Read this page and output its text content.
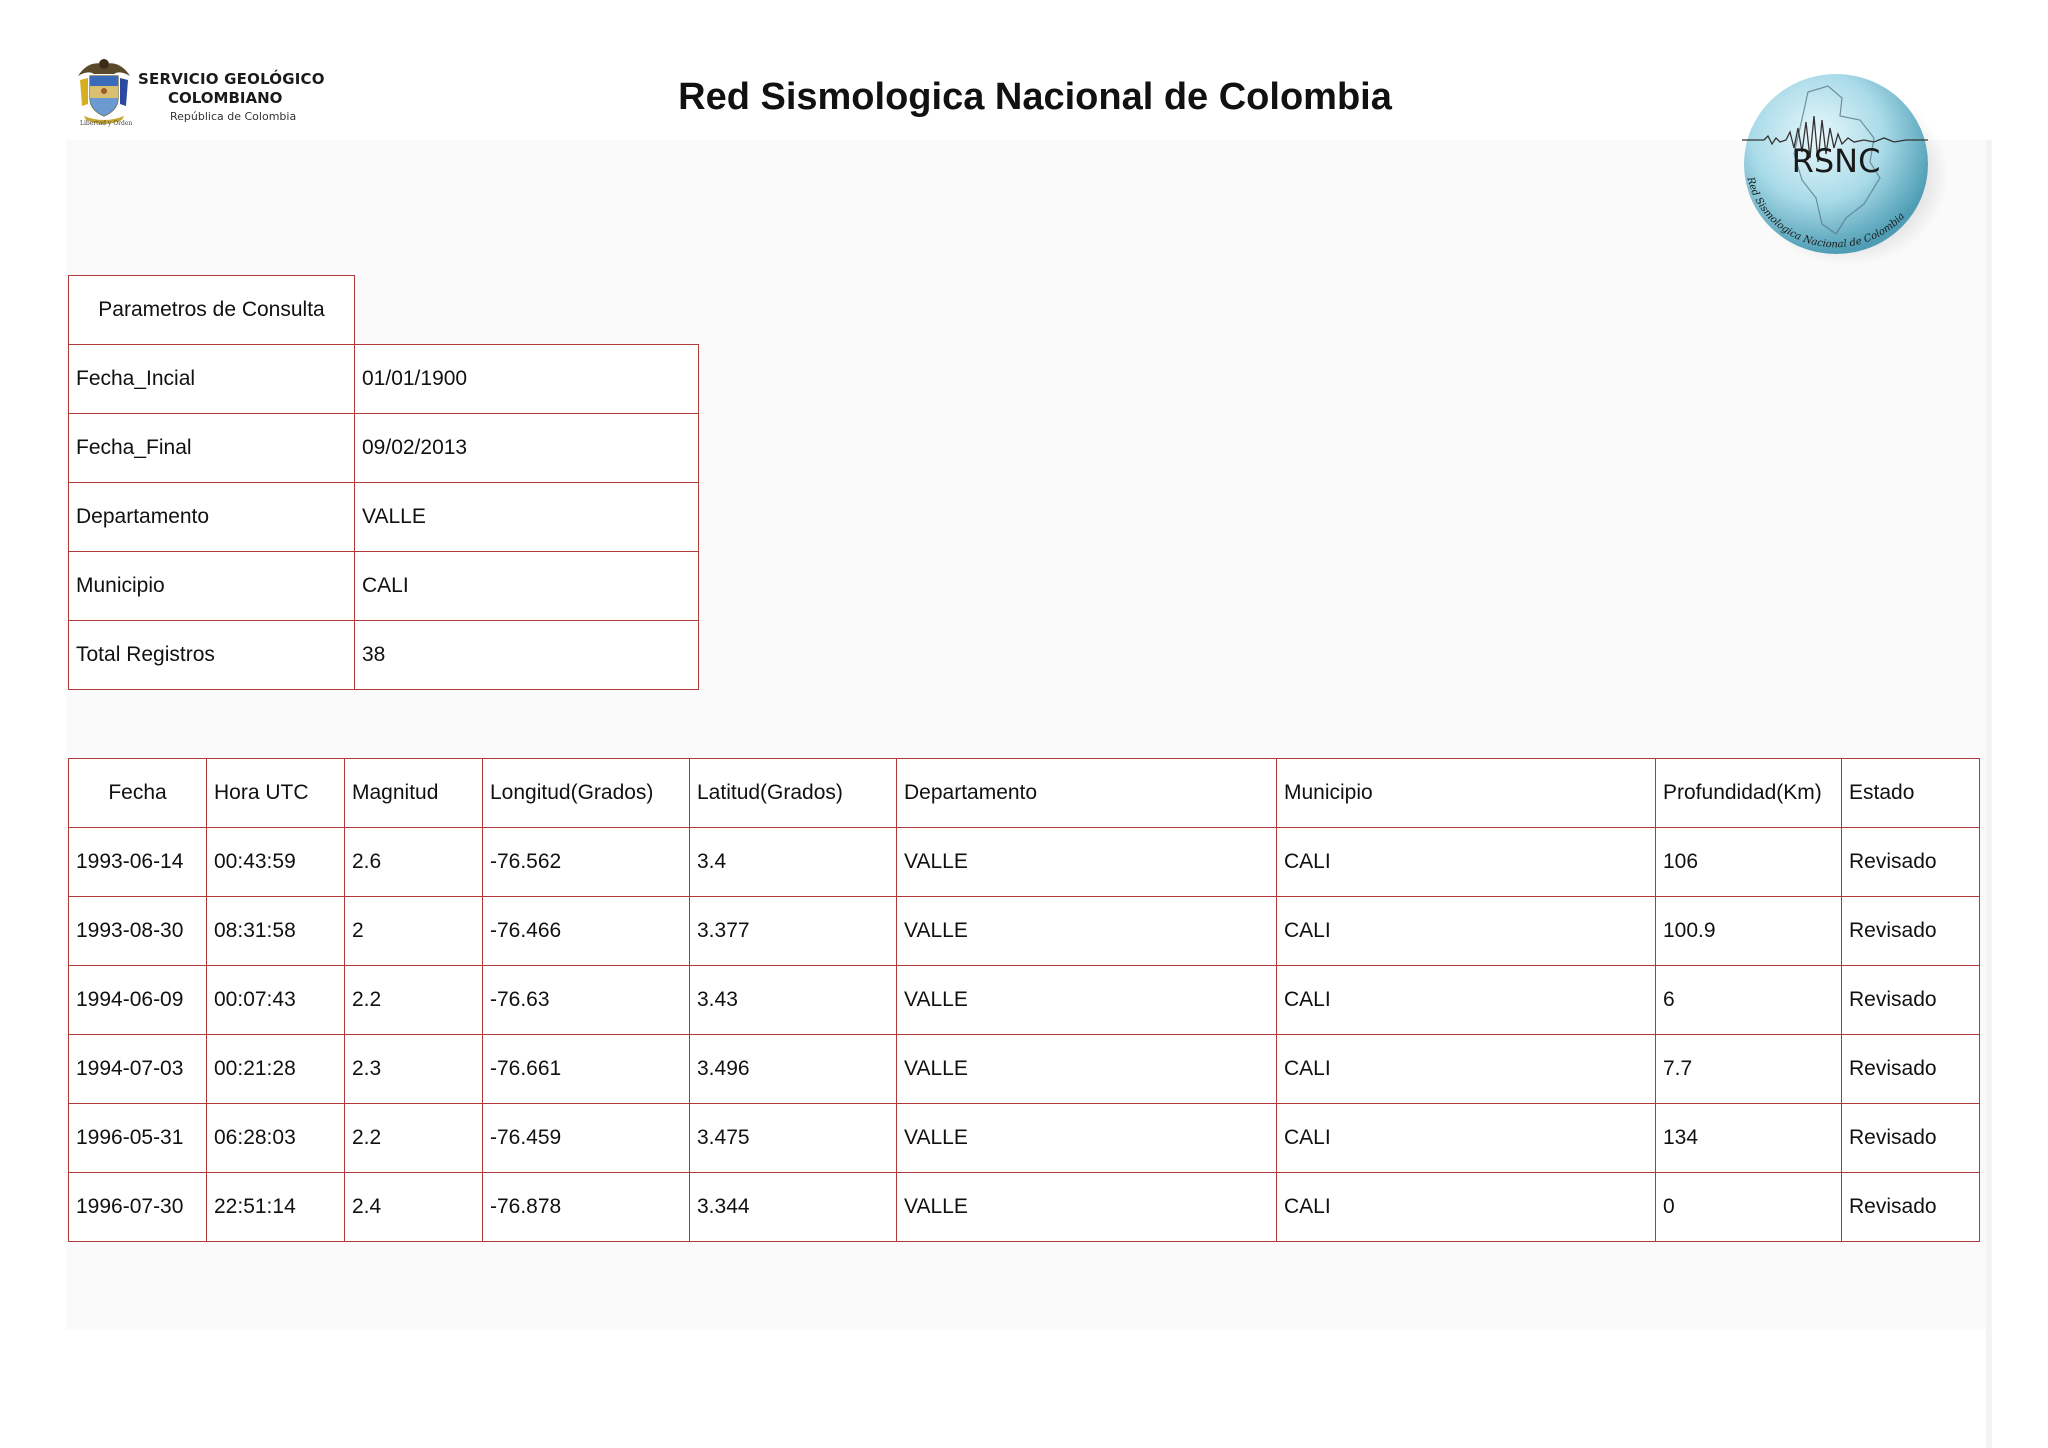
SERVICIO GEOLÓGICO
COLOMBIANO
República de Colombia
Libertad y Orden
Red Sismologica Nacional de Colombia
RSNC
Red Sismologica Nacional de Colombia
Parametros de Consulta	
Fecha_Incial	01/01/1900
Fecha_Final	09/02/2013
Departamento	VALLE
Municipio	CALI
Total Registros	38
Fecha	Hora UTC	Magnitud	Longitud(Grados)	Latitud(Grados)	Departamento	Municipio	Profundidad(Km)	Estado
1993-06-14	00:43:59	2.6	-76.562	3.4	VALLE	CALI	106	Revisado
1993-08-30	08:31:58	2	-76.466	3.377	VALLE	CALI	100.9	Revisado
1994-06-09	00:07:43	2.2	-76.63	3.43	VALLE	CALI	6	Revisado
1994-07-03	00:21:28	2.3	-76.661	3.496	VALLE	CALI	7.7	Revisado
1996-05-31	06:28:03	2.2	-76.459	3.475	VALLE	CALI	134	Revisado
1996-07-30	22:51:14	2.4	-76.878	3.344	VALLE	CALI	0	Revisado
